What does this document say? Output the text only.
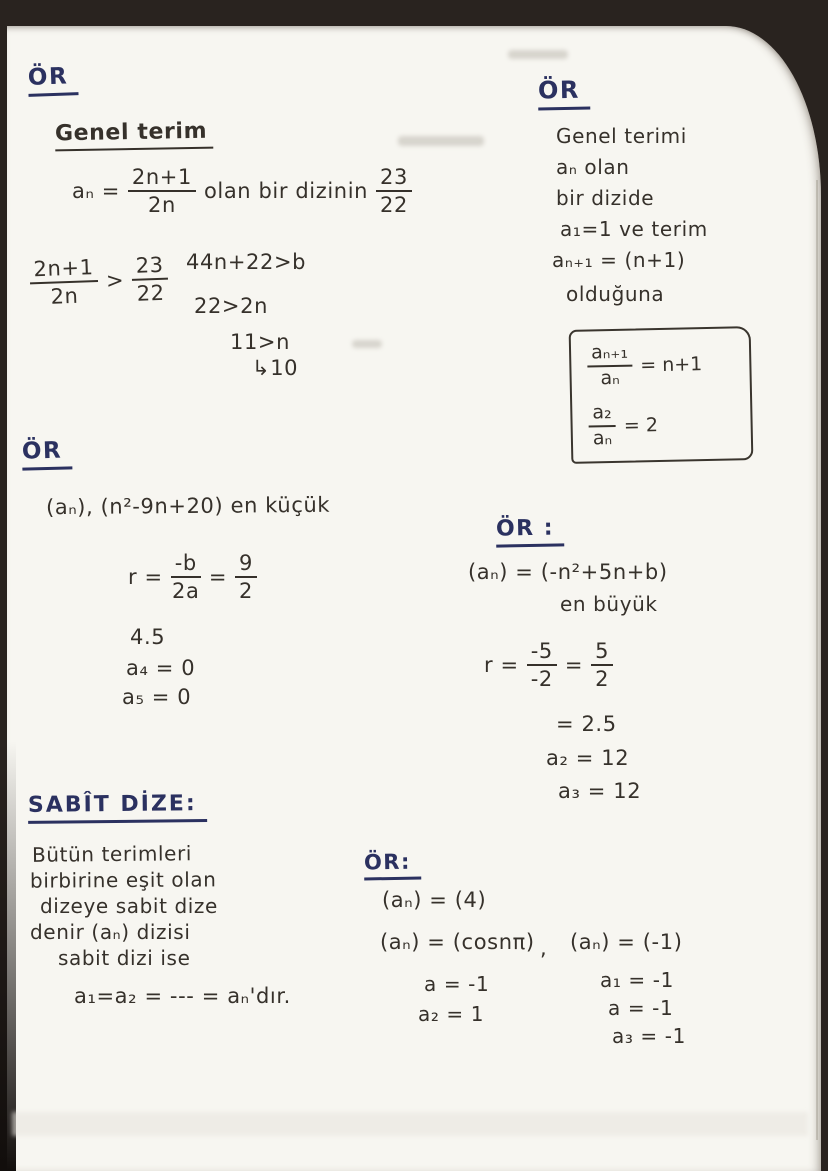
ÖR
Genel terim
$a_n = \frac{2n+1}{2n}$ olan bir dizinin $\frac{23}{22}$
$\frac{2n+1}{2n} > \frac{23}{22} 44n+22>b$
22>2n
11>n
↳10
ÖR
Genel terimi
aₙ olan
bir dizide
a₁=1 ve terim
aₙ₊₁ = (n+1)
olduğuna
$\frac{\text{aₙ₊₁}}{\text{aₙ}} = n+1$
$\frac{\text{a₂}}{\text{aₙ}} = 2$
ÖR
(aₙ), (n²-9n+20) en küçük
$r = \frac{-b}{2a} = \frac{9}{2}$
4.5
a₄ = 0
a₅ = 0
ÖR :
(aₙ) = (-n²+5n+b)
en büyük
$r = \frac{-5}{-2} = \frac{5}{2}$
= 2.5
a₂ = 12
a₃ = 12
SABÎT DİZE:
Bütün terimleri
birbirine eşit olan
dizeye sabit dize
denir (aₙ) dizisi
sabit dizi ise
a₁=a₂ = --- = aₙ'dır.
ÖR:
(aₙ) = (4)
(aₙ) = (cosnπ) , (aₙ) = (-1)
a = -1
a₂ = 1
a₁ = -1
a = -1
a₃ = -1
